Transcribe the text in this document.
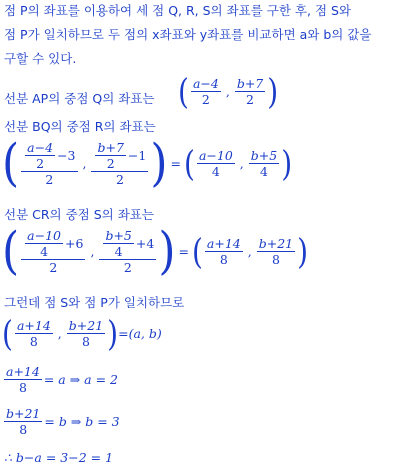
점 P의 좌표를 이용하여 세 점 Q, R, S의 좌표를 구한 후, 점 S와
점 P가 일치하므로 두 점의 x좌표와 y좌표를 비교하면 a와 b의 값을
구할 수 있다.
선분 AP의 중점 Q의 좌표는 ( $\frac{a-4}{2}$ , $\frac{b+7}{2}$ )
선분 BQ의 중점 R의 좌표는
( $\frac{\frac{a-4}{2} -3}{2}$ , $\frac{\frac{b+7}{2} -1}{2}$ ) = ( $\frac{a-10}{4}$ , $\frac{b+5}{4}$ )
선분 CR의 중점 S의 좌표는
( $\frac{\frac{a-10}{4} +6}{2}$ , $\frac{\frac{b+5}{4} +4}{2}$ ) = ( $\frac{a+14}{8}$ , $\frac{b+21}{8}$ )
그런데 점 S와 점 P가 일치하므로
( $\frac{a+14}{8}$ , $\frac{b+21}{8}$ ) =(a, b)
$\frac{a+14}{8} = a$ ⇒ a = 2
$\frac{b+21}{8} = b$ ⇒ b = 3
∴ b−a = 3−2 = 1
